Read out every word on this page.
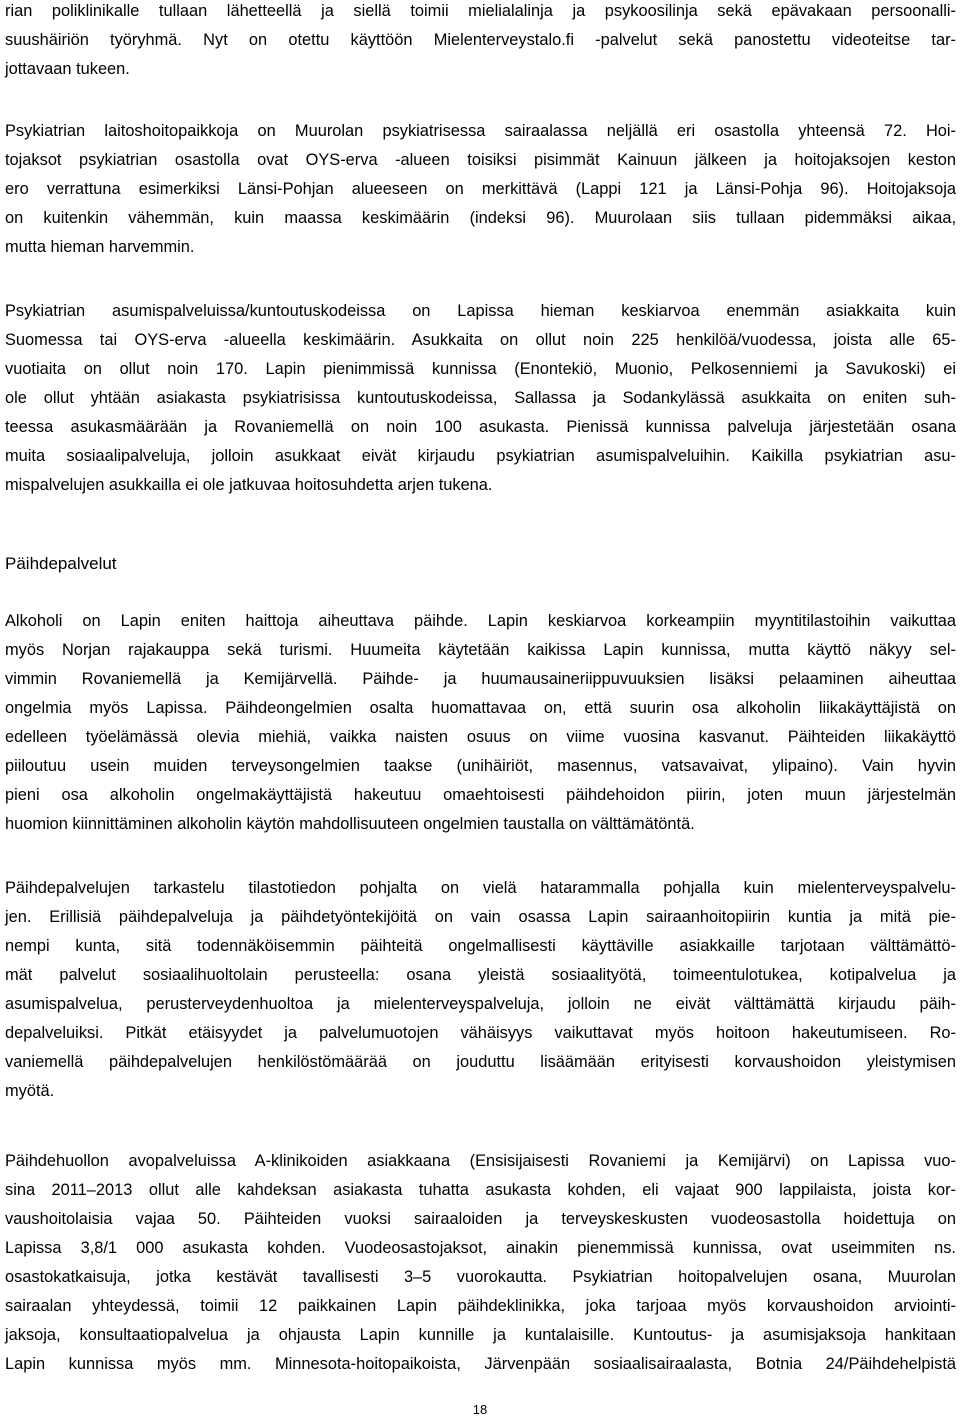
rian poliklinikalle tullaan lähetteellä ja siellä toimii mielialalinja ja psykoosilinja sekä epävakaan persoonalli-
suushäiriön työryhmä. Nyt on otettu käyttöön Mielenterveystalo.fi -palvelut sekä panostettu videoteitse tar-
jottavaan tukeen.
Psykiatrian laitoshoitopaikkoja on Muurolan psykiatrisessa sairaalassa neljällä eri osastolla yhteensä 72. Hoi-
tojaksot psykiatrian osastolla ovat OYS-erva -alueen toisiksi pisimmät Kainuun jälkeen ja hoitojaksojen keston
ero verrattuna esimerkiksi Länsi-Pohjan alueeseen on merkittävä (Lappi 121 ja Länsi-Pohja 96). Hoitojaksoja
on kuitenkin vähemmän, kuin maassa keskimäärin (indeksi 96). Muurolaan siis tullaan pidemmäksi aikaa,
mutta hieman harvemmin.
Psykiatrian asumispalveluissa/kuntoutuskodeissa on Lapissa hieman keskiarvoa enemmän asiakkaita kuin
Suomessa tai OYS-erva -alueella keskimäärin. Asukkaita on ollut noin 225 henkilöä/vuodessa, joista alle 65-
vuotiaita on ollut noin 170. Lapin pienimmissä kunnissa (Enontekiö, Muonio, Pelkosenniemi ja Savukoski) ei
ole ollut yhtään asiakasta psykiatrisissa kuntoutuskodeissa, Sallassa ja Sodankylässä asukkaita on eniten suh-
teessa asukasmäärään ja Rovaniemellä on noin 100 asukasta. Pienissä kunnissa palveluja järjestetään osana
muita sosiaalipalveluja, jolloin asukkaat eivät kirjaudu psykiatrian asumispalveluihin. Kaikilla psykiatrian asu-
mispalvelujen asukkailla ei ole jatkuvaa hoitosuhdetta arjen tukena.
Päihdepalvelut
Alkoholi on Lapin eniten haittoja aiheuttava päihde. Lapin keskiarvoa korkeampiin myyntitilastoihin vaikuttaa
myös Norjan rajakauppa sekä turismi. Huumeita käytetään kaikissa Lapin kunnissa, mutta käyttö näkyy sel-
vimmin Rovaniemellä ja Kemijärvellä. Päihde- ja huumausaineriippuvuuksien lisäksi pelaaminen aiheuttaa
ongelmia myös Lapissa. Päihdeongelmien osalta huomattavaa on, että suurin osa alkoholin liikakäyttäjistä on
edelleen työelämässä olevia miehiä, vaikka naisten osuus on viime vuosina kasvanut. Päihteiden liikakäyttö
piiloutuu usein muiden terveysongelmien taakse (unihäiriöt, masennus, vatsavaivat, ylipaino). Vain hyvin
pieni osa alkoholin ongelmakäyttäjistä hakeutuu omaehtoisesti päihdehoidon piirin, joten muun järjestelmän
huomion kiinnittäminen alkoholin käytön mahdollisuuteen ongelmien taustalla on välttämätöntä.
Päihdepalvelujen tarkastelu tilastotiedon pohjalta on vielä hatarammalla pohjalla kuin mielenterveyspalvelu-
jen. Erillisiä päihdepalveluja ja päihdetyöntekijöitä on vain osassa Lapin sairaanhoitopiirin kuntia ja mitä pie-
nempi kunta, sitä todennäköisemmin päihteitä ongelmallisesti käyttäville asiakkaille tarjotaan välttämättö-
mät palvelut sosiaalihuoltolain perusteella: osana yleistä sosiaalityötä, toimeentulotukea, kotipalvelua ja
asumispalvelua, perusterveydenhuoltoa ja mielenterveyspalveluja, jolloin ne eivät välttämättä kirjaudu päih-
depalveluiksi. Pitkät etäisyydet ja palvelumuotojen vähäisyys vaikuttavat myös hoitoon hakeutumiseen. Ro-
vaniemellä päihdepalvelujen henkilöstömäärää on jouduttu lisäämään erityisesti korvaushoidon yleistymisen
myötä.
Päihdehuollon avopalveluissa A-klinikoiden asiakkaana (Ensisijaisesti Rovaniemi ja Kemijärvi) on Lapissa vuo-
sina 2011–2013 ollut alle kahdeksan asiakasta tuhatta asukasta kohden, eli vajaat 900 lappilaista, joista kor-
vaushoitolaisia vajaa 50. Päihteiden vuoksi sairaaloiden ja terveyskeskusten vuodeosastolla hoidettuja on
Lapissa 3,8/1 000 asukasta kohden. Vuodeosastojaksot, ainakin pienemmissä kunnissa, ovat useimmiten ns.
osastokatkaisuja, jotka kestävät tavallisesti 3–5 vuorokautta. Psykiatrian hoitopalvelujen osana, Muurolan
sairaalan yhteydessä, toimii 12 paikkainen Lapin päihdeklinikka, joka tarjoaa myös korvaushoidon arviointi-
jaksoja, konsultaatiopalvelua ja ohjausta Lapin kunnille ja kuntalaisille. Kuntoutus- ja asumisjaksoja hankitaan
Lapin kunnissa myös mm. Minnesota-hoitopaikoista, Järvenpään sosiaalisairaalasta, Botnia 24/Päihdehelpistä
18
